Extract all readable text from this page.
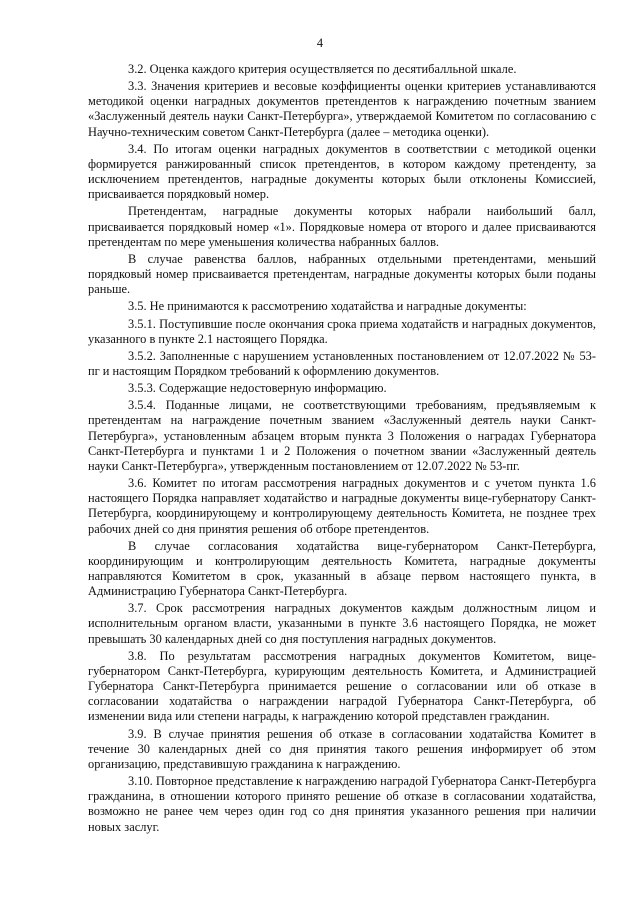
4

3.2. Оценка каждого критерия осуществляется по десятибалльной шкале.

3.3. Значения критериев и весовые коэффициенты оценки критериев устанавливаются методикой оценки наградных документов претендентов к награждению почетным званием «Заслуженный деятель науки Санкт-Петербурга», утверждаемой Комитетом по согласованию с Научно-техническим советом Санкт-Петербурга (далее – методика оценки).

3.4. По итогам оценки наградных документов в соответствии с методикой оценки формируется ранжированный список претендентов, в котором каждому претенденту, за исключением претендентов, наградные документы которых были отклонены Комиссией, присваивается порядковый номер.

Претендентам, наградные документы которых набрали наибольший балл, присваивается порядковый номер «1». Порядковые номера от второго и далее присваиваются претендентам по мере уменьшения количества набранных баллов.

В случае равенства баллов, набранных отдельными претендентами, меньший порядковый номер присваивается претендентам, наградные документы которых были поданы раньше.

3.5. Не принимаются к рассмотрению ходатайства и наградные документы:

3.5.1. Поступившие после окончания срока приема ходатайств и наградных документов, указанного в пункте 2.1 настоящего Порядка.

3.5.2. Заполненные с нарушением установленных постановлением от 12.07.2022 № 53-пг и настоящим Порядком требований к оформлению документов.

3.5.3. Содержащие недостоверную информацию.

3.5.4. Поданные лицами, не соответствующими требованиям, предъявляемым к претендентам на награждение почетным званием «Заслуженный деятель науки Санкт-Петербурга», установленным абзацем вторым пункта 3 Положения о наградах Губернатора Санкт-Петербурга и пунктами 1 и 2 Положения о почетном звании «Заслуженный деятель науки Санкт-Петербурга», утвержденным постановлением от 12.07.2022 № 53-пг.

3.6. Комитет по итогам рассмотрения наградных документов и с учетом пункта 1.6 настоящего Порядка направляет ходатайство и наградные документы вице-губернатору Санкт-Петербурга, координирующему и контролирующему деятельность Комитета, не позднее трех рабочих дней со дня принятия решения об отборе претендентов.

В случае согласования ходатайства вице-губернатором Санкт-Петербурга, координирующим и контролирующим деятельность Комитета, наградные документы направляются Комитетом в срок, указанный в абзаце первом настоящего пункта, в Администрацию Губернатора Санкт-Петербурга.

3.7. Срок рассмотрения наградных документов каждым должностным лицом и исполнительным органом власти, указанными в пункте 3.6 настоящего Порядка, не может превышать 30 календарных дней со дня поступления наградных документов.

3.8. По результатам рассмотрения наградных документов Комитетом, вице-губернатором Санкт-Петербурга, курирующим деятельность Комитета, и Администрацией Губернатора Санкт-Петербурга принимается решение о согласовании или об отказе в согласовании ходатайства о награждении наградой Губернатора Санкт-Петербурга, об изменении вида или степени награды, к награждению которой представлен гражданин.

3.9. В случае принятия решения об отказе в согласовании ходатайства Комитет в течение 30 календарных дней со дня принятия такого решения информирует об этом организацию, представившую гражданина к награждению.

3.10. Повторное представление к награждению наградой Губернатора Санкт-Петербурга гражданина, в отношении которого принято решение об отказе в согласовании ходатайства, возможно не ранее чем через один год со дня принятия указанного решения при наличии новых заслуг.
